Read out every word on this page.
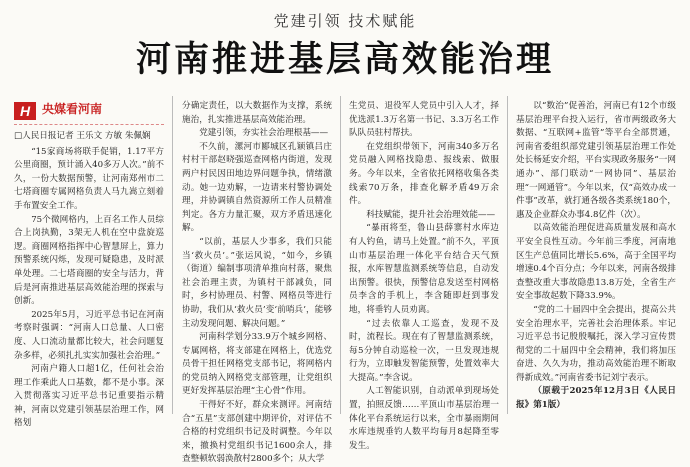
党建引领 技术赋能
河南推进基层高效能治理
H 央媒看河南
□人民日报记者 王乐文 方敏 朱佩娴

“15家商场将联手促销，1.17平方公里商圈，预计涌入40多万人次。”前不久，一份大数据预警，让河南郑州市二七塔商圈专属网格负责人马九嵩立刻着手布置安全工作。

75个微网格内，上百名工作人员综合上岗执勤，3架无人机在空中盘旋巡逻。商圈网格指挥中心智慧屏上，算力预警系统闪烁，发现可疑隐患，及时派单处理。二七塔商圈的安全与活力，背后是河南推进基层高效能治理的探索与创新。

2025年5月，习近平总书记在河南考察时强调：“河南人口总量、人口密度、人口流动量都比较大，社会问题复杂多样，必须扎扎实实加强社会治理。”

河南户籍人口超1亿，任何社会治理工作乘此人口基数，都不是小事。深入贯彻落实习近平总书记重要指示精神，河南以党建引领基层治理工作，网格划

分确定责任，以大数据作为支撑，系统施治，扎实推进基层高效能治理。

党建引领，夯实社会治理根基——

不久前，漯河市郾城区孔颖镇吕庄村村干部赵晓强巡查网格内街道，发现两户村民因田地边界问题争执，情绪激动。她一边劝解，一边请来村警协调处理，并协调镇自然资源所工作人员精准判定。各方力量汇聚，双方矛盾迅速化解。

“以前，基层人少事多，我们只能当‘救火员’。”张运风说，“如今，乡镇（街道）编制事项清单推向村落，聚焦社会治理主责，为镇村干部减负，同时，乡村协理员、村警、网格员等进行协助，我们从‘救火员’变‘前哨兵’，能够主动发现问题、解决问题。”

河南科学划分33.9万个城乡网格、专属网格，将支部建在网格上，优选党员骨干担任网格党支部书记，将网格内的党员纳入网格党支部管理，让党组织更好发挥基层治理“主心骨”作用。

干得好不好，群众来测评。河南结合“五星”支部创建中期评价，对评估不合格的村党组织书记及时调整。今年以来，撤换村党组织书记1600余人，排查整顿软弱涣散村2800多个；从大学

生党员、退役军人党员中引入人才，择优选派1.3万名第一书记、3.3万名工作队队员驻村帮扶。

在党组织带领下，河南340多万名党员融入网格找隐患、报线索、做服务。今年以来，全省依托网格收集各类线索70万条，排查化解矛盾49万余件。

科技赋能，提升社会治理效能——

“暴雨将至，鲁山县薛寨村水库边有人钓鱼，请马上处置。”前不久，平顶山市基层治理一体化平台结合天气预报，水库智慧监测系统等信息，自动发出预警。很快，预警信息发送至村网格员李含的手机上，李含随即赶到事发地，将垂钓人员劝离。

“过去依靠人工巡查，发现不及时，流程长。现在有了智慧监测系统，每5分钟自动巡检一次，一旦发现违规行为，立即触发智能预警，处置效率大大提高。”李含说。

人工智能识别，自动派单到现场处置，拍照反馈……平顶山市基层治理一体化平台系统运行以来，全市暴雨期间水库违规垂钓人数平均每月8起降至零发生。

以“数治”促善治，河南已有12个市级基层治理平台投入运行，省市两级政务大数据、“互联网+监管”等平台全部贯通，河南省委组织部党建引领基层治理工作处处长杨延安介绍，平台实现政务服务“一网通办”、部门联动“一网协同”、基层治理“一网通管”。今年以来，仅“高效办成一件事”改革，就打通各级各类系统180个，惠及企业群众办事4.8亿件（次）。

以高效能治理促进高质量发展和高水平安全良性互动。今年前三季度，河南地区生产总值同比增长5.6%，高于全国平均增速0.4个百分点；今年以来，河南各级排查整改重大事故隐患13.8万处，全省生产安全事故起数下降33.9%。

“党的二十届四中全会提出，提高公共安全治理水平，完善社会治理体系。牢记习近平总书记殷殷嘱托，深入学习宣传贯彻党的二十届四中全会精神，我们将加压奋进、久久为功，推动高效能治理不断取得新成效。”河南省委书记刘宁表示。

（原载于2025年12月3日《人民日报》第1版）
